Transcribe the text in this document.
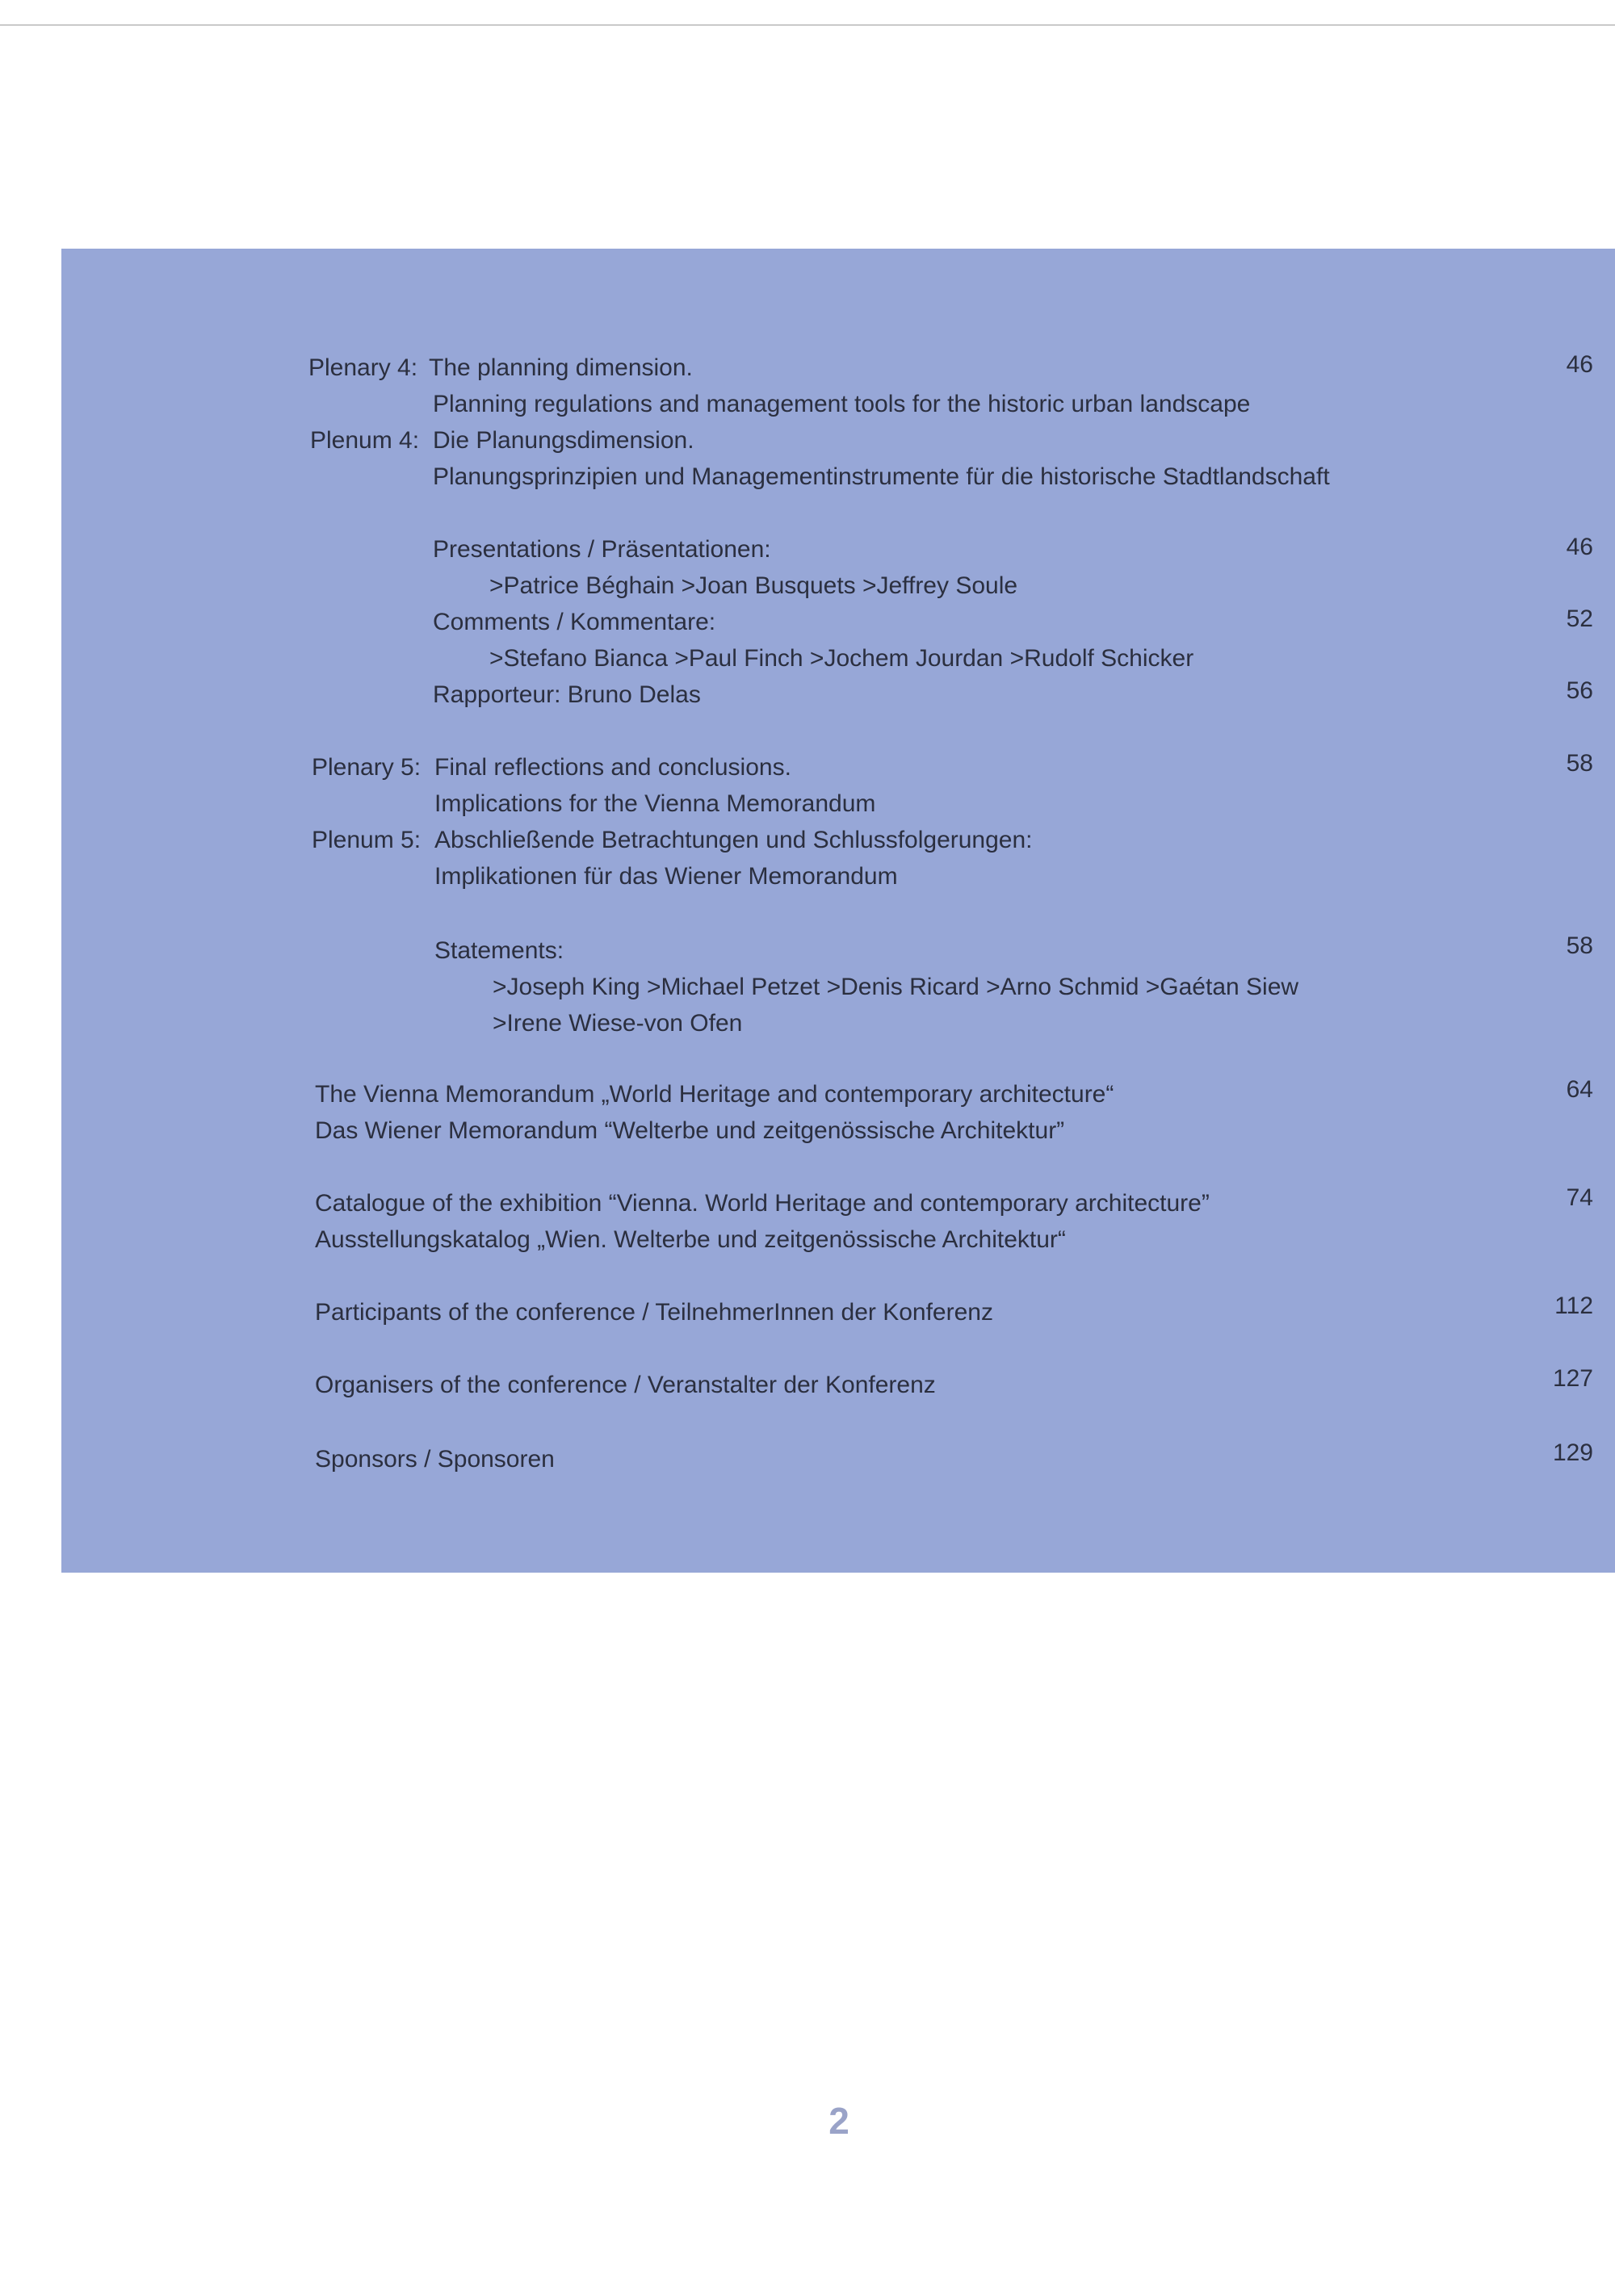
Plenary 4: The planning dimension.	46
Planning regulations and management tools for the historic urban landscape
Plenum 4: Die Planungsdimension.
Planungsprinzipien und Managementinstrumente für die historische Stadtlandschaft
Presentations / Präsentationen:	46
>Patrice Béghain >Joan Busquets >Jeffrey Soule
Comments / Kommentare:	52
>Stefano Bianca >Paul Finch >Jochem Jourdan >Rudolf Schicker
Rapporteur: Bruno Delas	56
Plenary 5: Final reflections and conclusions.	58
Implications for the Vienna Memorandum
Plenum 5: Abschließende Betrachtungen und Schlussfolgerungen:
Implikationen für das Wiener Memorandum
Statements:	58
>Joseph King >Michael Petzet >Denis Ricard >Arno Schmid >Gaétan Siew
>Irene Wiese-von Ofen
The Vienna Memorandum „World Heritage and contemporary architecture“	64
Das Wiener Memorandum “Welterbe und zeitgenössische Architektur”
Catalogue of the exhibition “Vienna. World Heritage and contemporary architecture”	74
Ausstellungskatalog „Wien. Welterbe und zeitgenössische Architektur“
Participants of the conference / TeilnehmerInnen der Konferenz	112
Organisers of the conference / Veranstalter der Konferenz	127
Sponsors / Sponsoren	129
2
